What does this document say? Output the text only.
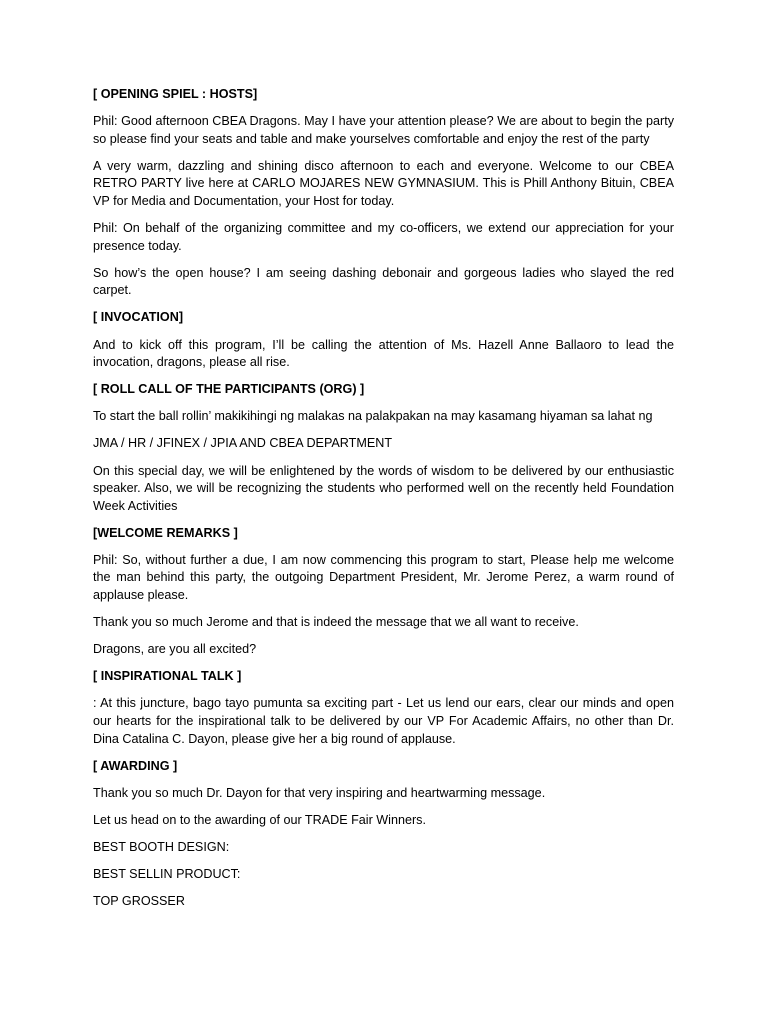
[ OPENING SPIEL : HOSTS]
Phil: Good afternoon CBEA Dragons. May I have your attention please? We are about to begin the party so please find your seats and table and make yourselves comfortable and enjoy the rest of the party
A very warm, dazzling and shining disco afternoon to each and everyone. Welcome to our CBEA RETRO PARTY live here at CARLO MOJARES NEW GYMNASIUM. This is Phill Anthony Bituin, CBEA VP for Media and Documentation, your Host for today.
Phil: On behalf of the organizing committee and my co-officers, we extend our appreciation for your presence today.
So how’s the open house? I am seeing dashing debonair and gorgeous ladies who slayed the red carpet.
[ INVOCATION]
And to kick off this program, I’ll be calling the attention of Ms. Hazell Anne Ballaoro to lead the invocation, dragons, please all rise.
[ ROLL CALL OF THE PARTICIPANTS (ORG) ]
To start the ball rollin’ makikihingi ng malakas na palakpakan na may kasamang hiyaman sa lahat ng
JMA / HR / JFINEX / JPIA AND CBEA DEPARTMENT
On this special day, we will be enlightened by the words of wisdom to be delivered by our enthusiastic speaker. Also, we will be recognizing the students who performed well on the recently held Foundation Week Activities
[WELCOME REMARKS ]
Phil: So, without further a due, I am now commencing this program to start, Please help me welcome the man behind this party, the outgoing Department President, Mr. Jerome Perez, a warm round of applause please.
Thank you so much Jerome and that is indeed the message that we all want to receive.
Dragons, are you all excited?
[ INSPIRATIONAL TALK ]
: At this juncture, bago tayo pumunta sa exciting part - Let us lend our ears, clear our minds and open our hearts for the inspirational talk to be delivered by our VP For Academic Affairs, no other than Dr. Dina Catalina C. Dayon, please give her a big round of applause.
[ AWARDING ]
Thank you so much Dr. Dayon for that very inspiring and heartwarming message.
Let us head on to the awarding of our TRADE Fair Winners.
BEST BOOTH DESIGN:
BEST SELLIN PRODUCT:
TOP GROSSER
